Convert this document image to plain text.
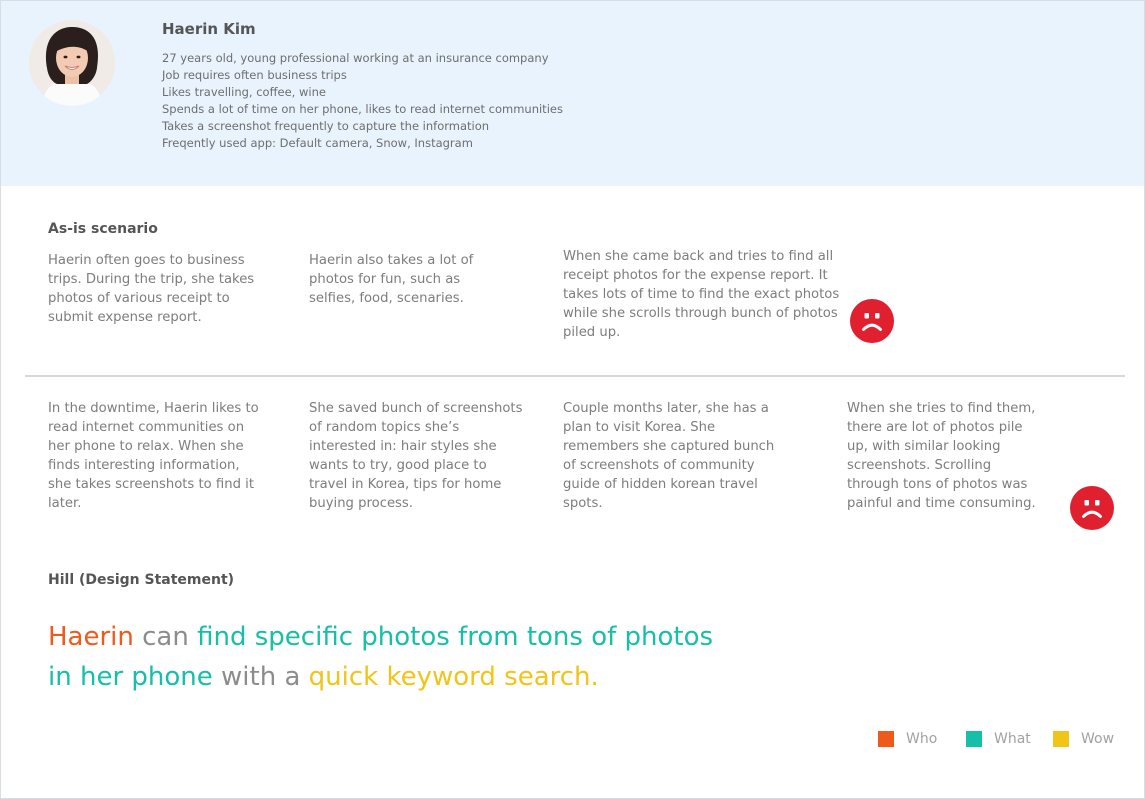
Haerin Kim
27 years old, young professional working at an insurance company
Job requires often business trips
Likes travelling, coffee, wine
Spends a lot of time on her phone, likes to read internet communities
Takes a screenshot frequently to capture the information
Freqently used app: Default camera, Snow, Instagram
As-is scenario
Haerin often goes to business trips. During the trip, she takes photos of various receipt to submit expense report.
Haerin also takes a lot of photos for fun, such as selfies, food, scenaries.
When she came back and tries to find all receipt photos for the expense report. It takes lots of time to find the exact photos while she scrolls through bunch of photos piled up.
In the downtime, Haerin likes to read internet communities on her phone to relax. When she finds interesting information, she takes screenshots to find it later.
She saved bunch of screenshots of random topics she’s interested in: hair styles she wants to try, good place to travel in Korea, tips for home buying process.
Couple months later, she has a plan to visit Korea. She remembers she captured bunch of screenshots of community guide of hidden korean travel spots.
When she tries to find them, there are lot of photos pile up, with similar looking screenshots. Scrolling through tons of photos was painful and time consuming.
Hill (Design Statement)
Haerin can find specific photos from tons of photos
in her phone with a quick keyword search.
Who	What	Wow
